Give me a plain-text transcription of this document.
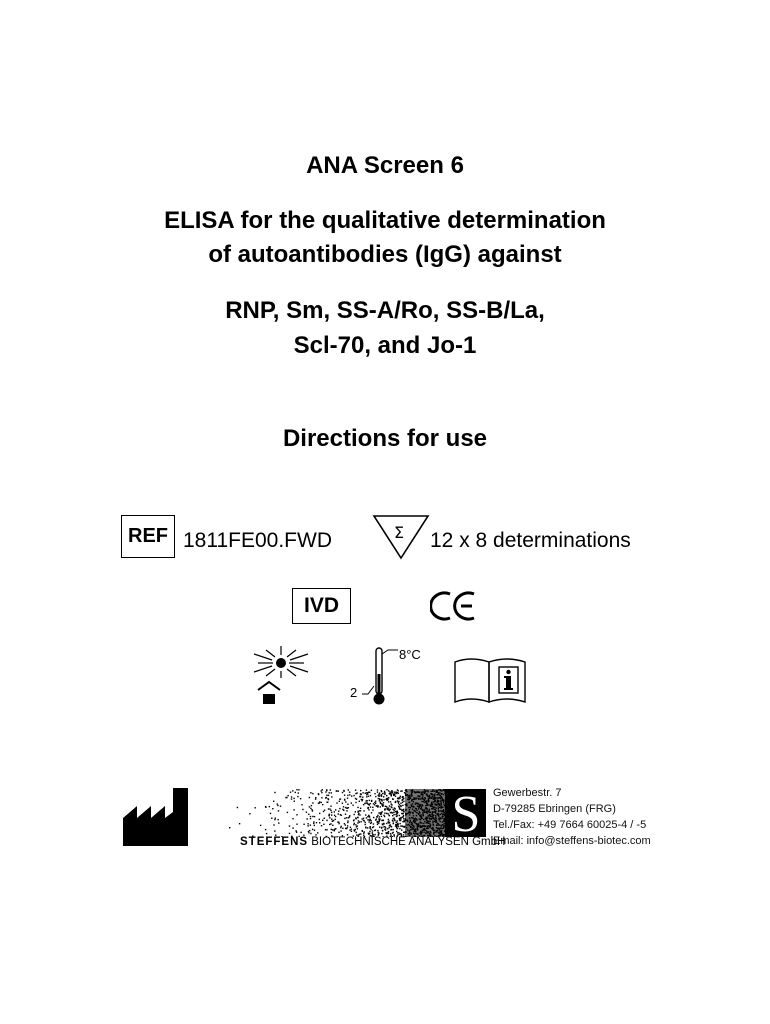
ANA Screen 6
ELISA for the qualitative determination
of autoantibodies (IgG) against
RNP, Sm, SS-A/Ro, SS-B/La,
Scl-70, and Jo-1
Directions for use
REF 1811FE00.FWD	Σ 12 x 8 determinations
IVD
8°C
2
S
STEFFENS BIOTECHNISCHE ANALYSEN GmbH
Gewerbestr. 7
D-79285 Ebringen (FRG)
Tel./Fax: +49 7664 60025-4 / -5
Email: info@steffens-biotec.com
